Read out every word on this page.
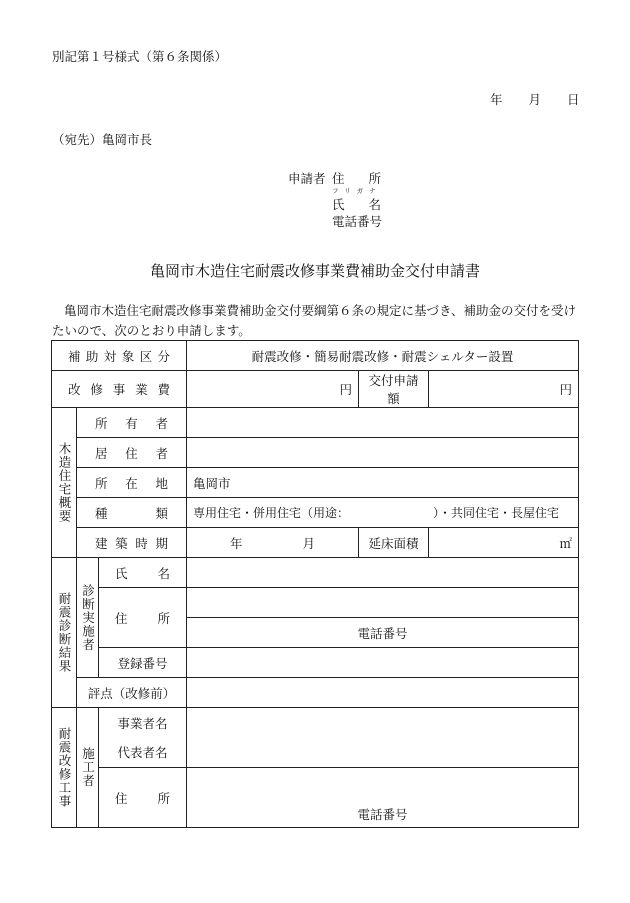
別記第１号様式（第６条関係）
年 月 日
（宛先）亀岡市長
申請者 住所
フリガナ
氏名
電話番号
亀岡市木造住宅耐震改修事業費補助金交付申請書
亀岡市木造住宅耐震改修事業費補助金交付要綱第６条の規定に基づき、補助金の交付を受けたいので、次のとおり申請します。
補助対象区分			耐震改修・簡易耐震改修・耐震シェルター設置		
改修事業費			円	交付申請額	円
木造住宅概要	所有者				
	居住者				
	所在地		亀岡市		
	種類		専用住宅・併用住宅（用途： ）・共同住宅・長屋住宅		
	建築時期		年 月	延床面積	㎡
耐震診断結果	診断実施者	氏名			
		住所			
			電話番号		
		登録番号			
	評点（改修前）				
耐震改修工事	施工者	事業者名			
		代表者名			
		住所			
			電話番号		
